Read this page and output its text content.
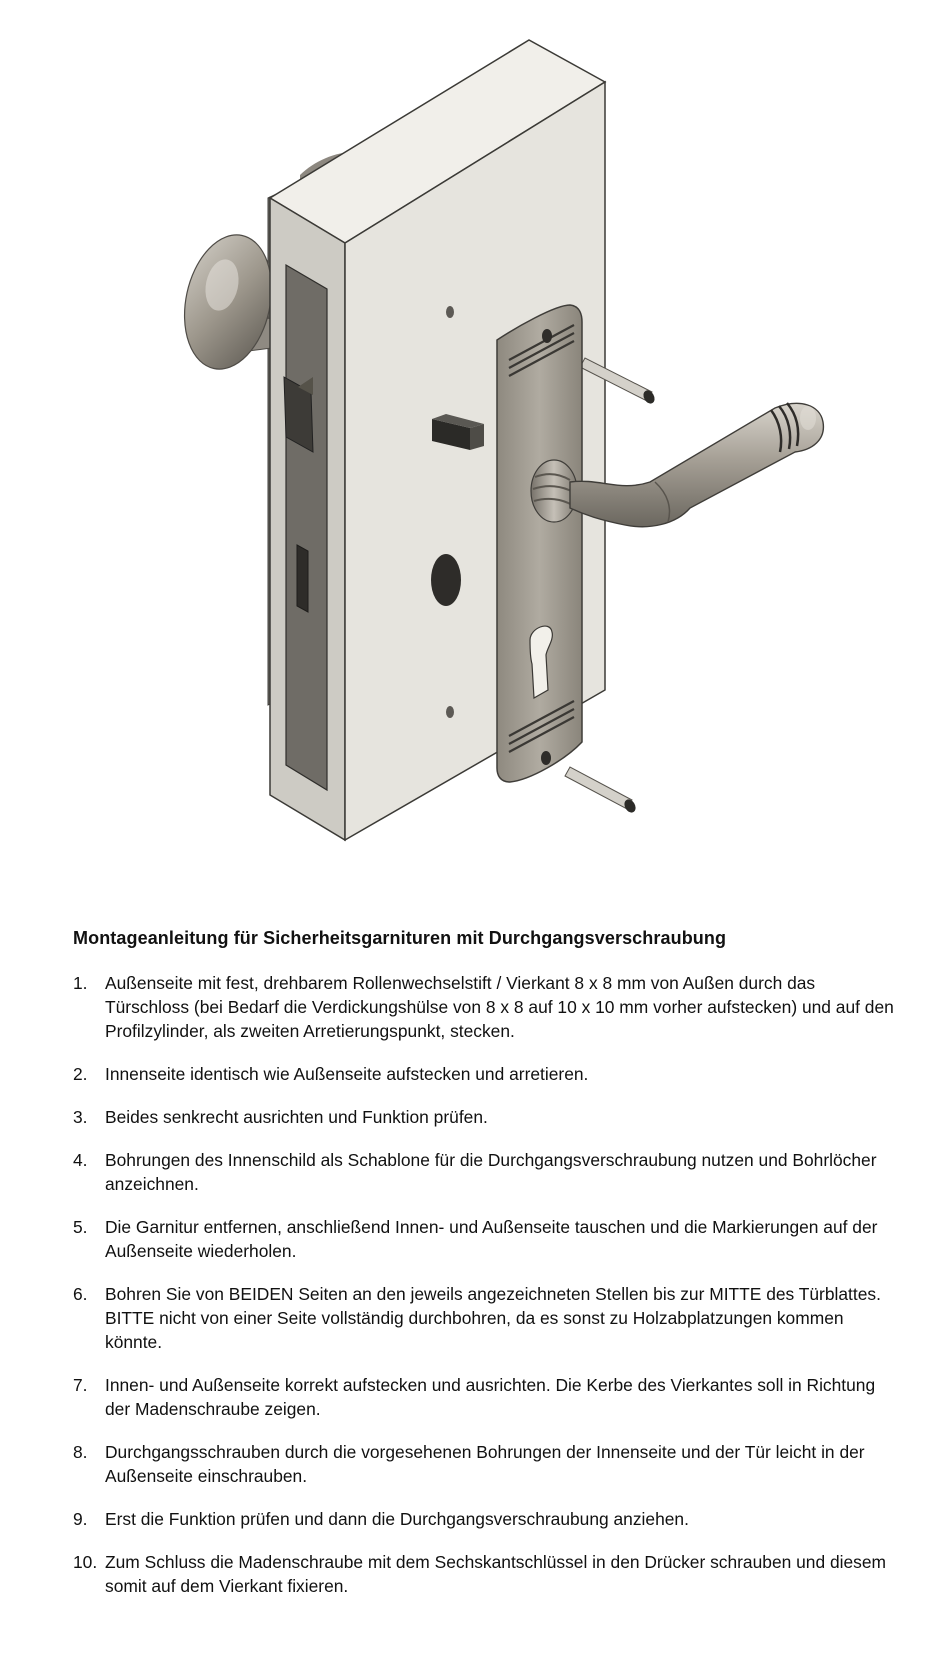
Montageanleitung für Sicherheitsgarnituren mit Durchgangsverschraubung
1. Außenseite mit fest, drehbarem Rollenwechselstift / Vierkant 8 x 8 mm von Außen durch das Türschloss (bei Bedarf die Verdickungshülse von 8 x 8 auf 10 x 10 mm vorher aufstecken) und auf den Profilzylinder, als zweiten Arretierungspunkt, stecken.
2. Innenseite identisch wie Außenseite aufstecken und arretieren.
3. Beides senkrecht ausrichten und Funktion prüfen.
4. Bohrungen des Innenschild als Schablone für die Durchgangsverschraubung nutzen und Bohrlöcher anzeichnen.
5. Die Garnitur entfernen, anschließend Innen- und Außenseite tauschen und die Markierungen auf der Außenseite wiederholen.
6. Bohren Sie von BEIDEN Seiten an den jeweils angezeichneten Stellen bis zur MITTE des Türblattes. BITTE nicht von einer Seite vollständig durchbohren, da es sonst zu Holzabplatzungen kommen könnte.
7. Innen- und Außenseite korrekt aufstecken und ausrichten. Die Kerbe des Vierkantes soll in Richtung der Madenschraube zeigen.
8. Durchgangsschrauben durch die vorgesehenen Bohrungen der Innenseite und der Tür leicht in der Außenseite einschrauben.
9. Erst die Funktion prüfen und dann die Durchgangsverschraubung anziehen.
10. Zum Schluss die Madenschraube mit dem Sechskantschlüssel in den Drücker schrauben und diesem somit auf dem Vierkant fixieren.
